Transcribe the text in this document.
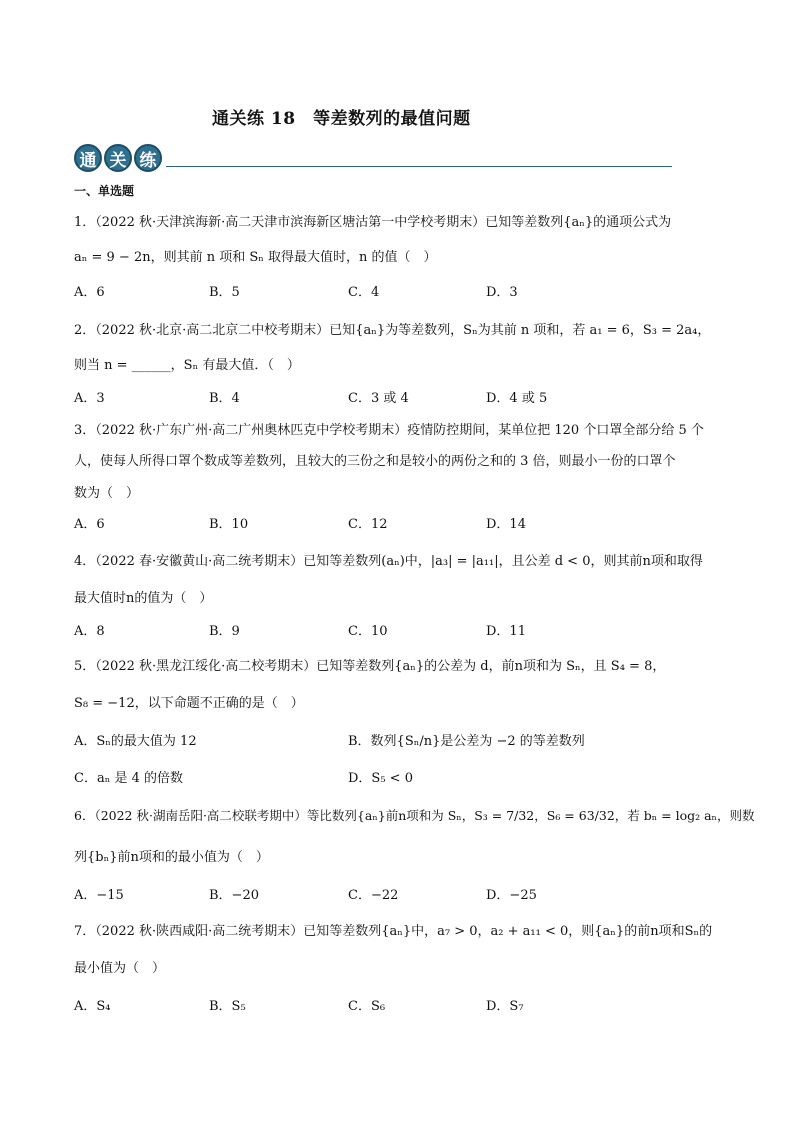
通关练 18　等差数列的最值问题
通 关 练
一、单选题
1．（2022 秋·天津滨海新·高二天津市滨海新区塘沽第一中学校考期末）已知等差数列{aₙ}的通项公式为
aₙ = 9 − 2n，则其前 n 项和 Sₙ 取得最大值时，n 的值（　）
A．6	B．5	C．4	D．3
2．（2022 秋·北京·高二北京二中校考期末）已知{aₙ}为等差数列，Sₙ为其前 n 项和，若 a₁ = 6，S₃ = 2a₄，
则当 n = ______，Sₙ 有最大值．（　）
A．3	B．4	C．3 或 4	D．4 或 5
3．（2022 秋·广东广州·高二广州奥林匹克中学校考期末）疫情防控期间，某单位把 120 个口罩全部分给 5 个
人，使每人所得口罩个数成等差数列，且较大的三份之和是较小的两份之和的 3 倍，则最小一份的口罩个
数为（　）
A．6	B．10	C．12	D．14
4．（2022 春·安徽黄山·高二统考期末）已知等差数列(aₙ)中，|a₃| = |a₁₁|，且公差 d < 0，则其前n项和取得
最大值时n的值为（　）
A．8	B．9	C．10	D．11
5．（2022 秋·黑龙江绥化·高二校考期末）已知等差数列{aₙ}的公差为 d，前n项和为 Sₙ，且 S₄ = 8，
S₈ = −12，以下命题不正确的是（　）
A．Sₙ的最大值为 12	B．数列{Sₙ/n}是公差为 −2 的等差数列
C．aₙ 是 4 的倍数	D．S₅ < 0
6．（2022 秋·湖南岳阳·高二校联考期中）等比数列{aₙ}前n项和为 Sₙ，S₃ = 7/32，S₆ = 63/32，若 bₙ = log₂ aₙ，则数
列{bₙ}前n项和的最小值为（　）
A．−15	B．−20	C．−22	D．−25
7．（2022 秋·陕西咸阳·高二统考期末）已知等差数列{aₙ}中，a₇ > 0，a₂ + a₁₁ < 0，则{aₙ}的前n项和Sₙ的
最小值为（　）
A．S₄	B．S₅	C．S₆	D．S₇
